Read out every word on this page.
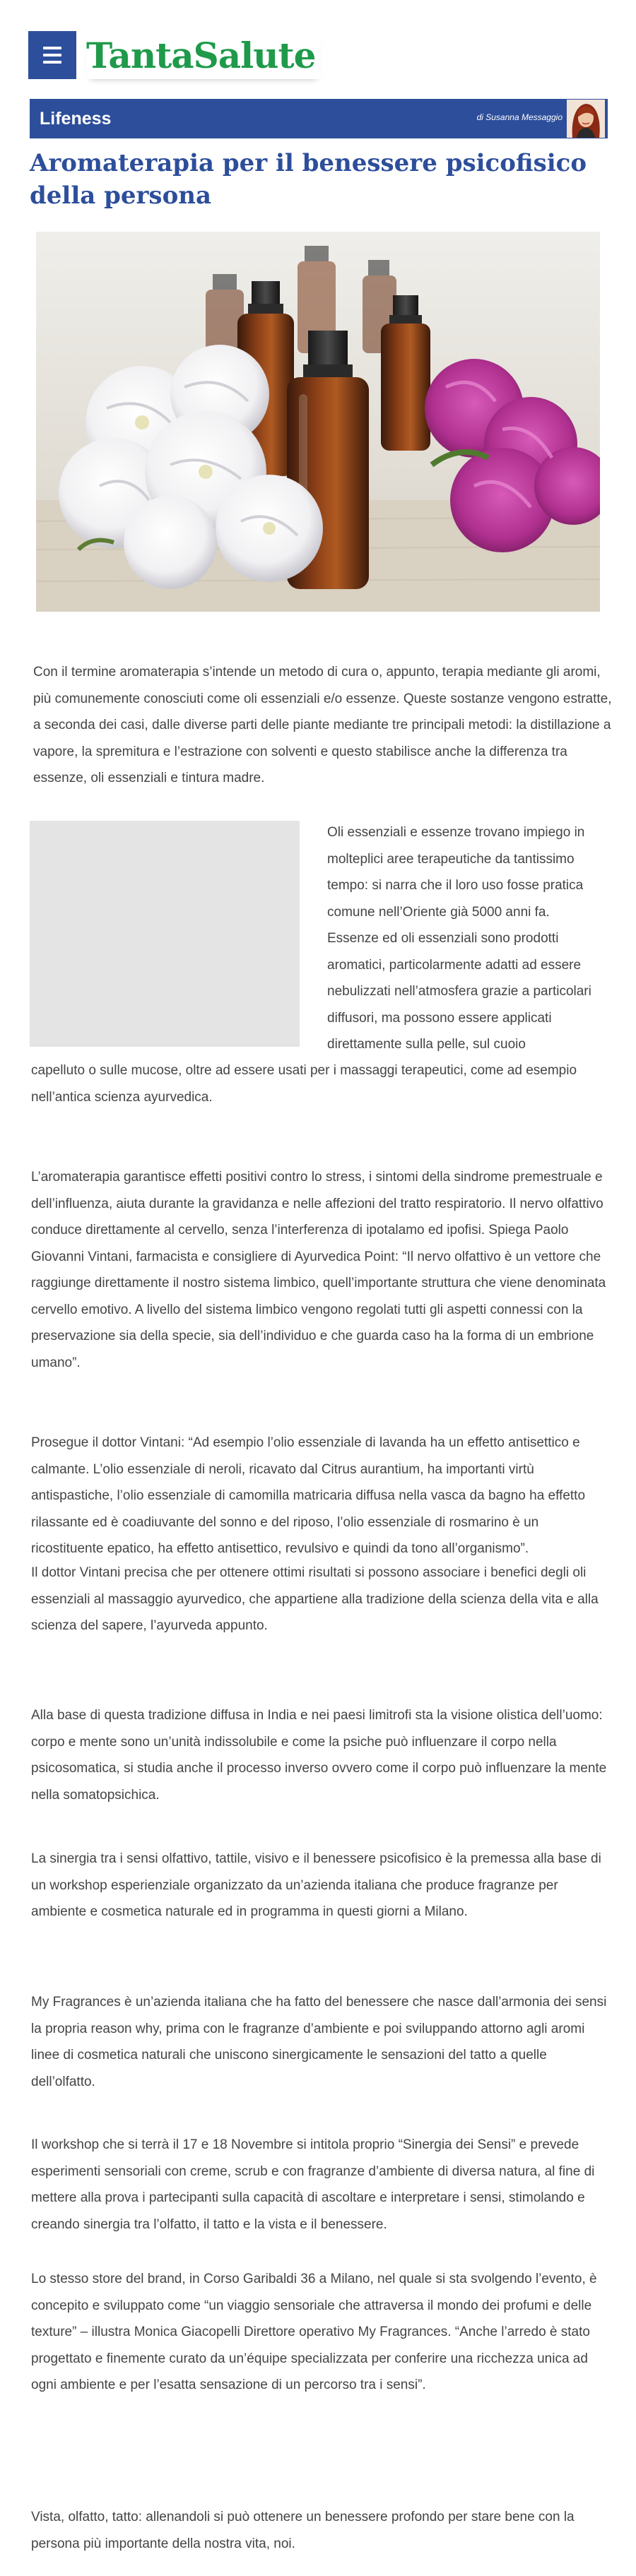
Tanta Salute
Lifeness	di Susanna Messaggio
Aromaterapia per il benessere psicofisico della persona

Con il termine aromaterapia s’intende un metodo di cura o, appunto, terapia mediante gli aromi, più comunemente conosciuti come oli essenziali e/o essenze. Queste sostanze vengono estratte, a seconda dei casi, dalle diverse parti delle piante mediante tre principali metodi: la distillazione a vapore, la spremitura e l’estrazione con solventi e questo stabilisce anche la differenza tra essenze, oli essenziali e tintura madre.

Oli essenziali e essenze trovano impiego in molteplici aree terapeutiche da tantissimo tempo: si narra che il loro uso fosse pratica comune nell’Oriente già 5000 anni fa. Essenze ed oli essenziali sono prodotti aromatici, particolarmente adatti ad essere nebulizzati nell’atmosfera grazie a particolari diffusori, ma possono essere applicati direttamente sulla pelle, sul cuoio

capelluto o sulle mucose, oltre ad essere usati per i massaggi terapeutici, come ad esempio nell’antica scienza ayurvedica.

L’aromaterapia garantisce effetti positivi contro lo stress, i sintomi della sindrome premestruale e dell’influenza, aiuta durante la gravidanza e nelle affezioni del tratto respiratorio. Il nervo olfattivo conduce direttamente al cervello, senza l’interferenza di ipotalamo ed ipofisi. Spiega Paolo Giovanni Vintani, farmacista e consigliere di Ayurvedica Point: “Il nervo olfattivo è un vettore che raggiunge direttamente il nostro sistema limbico, quell’importante struttura che viene denominata cervello emotivo. A livello del sistema limbico vengono regolati tutti gli aspetti connessi con la preservazione sia della specie, sia dell’individuo e che guarda caso ha la forma di un embrione umano”.

Prosegue il dottor Vintani: “Ad esempio l’olio essenziale di lavanda ha un effetto antisettico e calmante. L’olio essenziale di neroli, ricavato dal Citrus aurantium, ha importanti virtù antispastiche, l’olio essenziale di camomilla matricaria diffusa nella vasca da bagno ha effetto rilassante ed è coadiuvante del sonno e del riposo, l’olio essenziale di rosmarino è un ricostituente epatico, ha effetto antisettico, revulsivo e quindi da tono all’organismo”.

Il dottor Vintani precisa che per ottenere ottimi risultati si possono associare i benefici degli oli essenziali al massaggio ayurvedico, che appartiene alla tradizione della scienza della vita e alla scienza del sapere, l’ayurveda appunto.

Alla base di questa tradizione diffusa in India e nei paesi limitrofi sta la visione olistica dell’uomo: corpo e mente sono un’unità indissolubile e come la psiche può influenzare il corpo nella psicosomatica, si studia anche il processo inverso ovvero come il corpo può influenzare la mente nella somatopsichica.

La sinergia tra i sensi olfattivo, tattile, visivo e il benessere psicofisico è la premessa alla base di un workshop esperienziale organizzato da un’azienda italiana che produce fragranze per ambiente e cosmetica naturale ed in programma in questi giorni a Milano.

My Fragrances è un’azienda italiana che ha fatto del benessere che nasce dall’armonia dei sensi la propria reason why, prima con le fragranze d’ambiente e poi sviluppando attorno agli aromi linee di cosmetica naturali che uniscono sinergicamente le sensazioni del tatto a quelle dell’olfatto.

Il workshop che si terrà il 17 e 18 Novembre si intitola proprio “Sinergia dei Sensi” e prevede esperimenti sensoriali con creme, scrub e con fragranze d’ambiente di diversa natura, al fine di mettere alla prova i partecipanti sulla capacità di ascoltare e interpretare i sensi, stimolando e creando sinergia tra l’olfatto, il tatto e la vista e il benessere.

Lo stesso store del brand, in Corso Garibaldi 36 a Milano, nel quale si sta svolgendo l’evento, è concepito e sviluppato come “un viaggio sensoriale che attraversa il mondo dei profumi e delle texture” – illustra Monica Giacopelli Direttore operativo My Fragrances. “Anche l’arredo è stato progettato e finemente curato da un’équipe specializzata per conferire una ricchezza unica ad ogni ambiente e per l’esatta sensazione di un percorso tra i sensi”.

Vista, olfatto, tatto: allenandoli si può ottenere un benessere profondo per stare bene con la persona più importante della nostra vita, noi.
